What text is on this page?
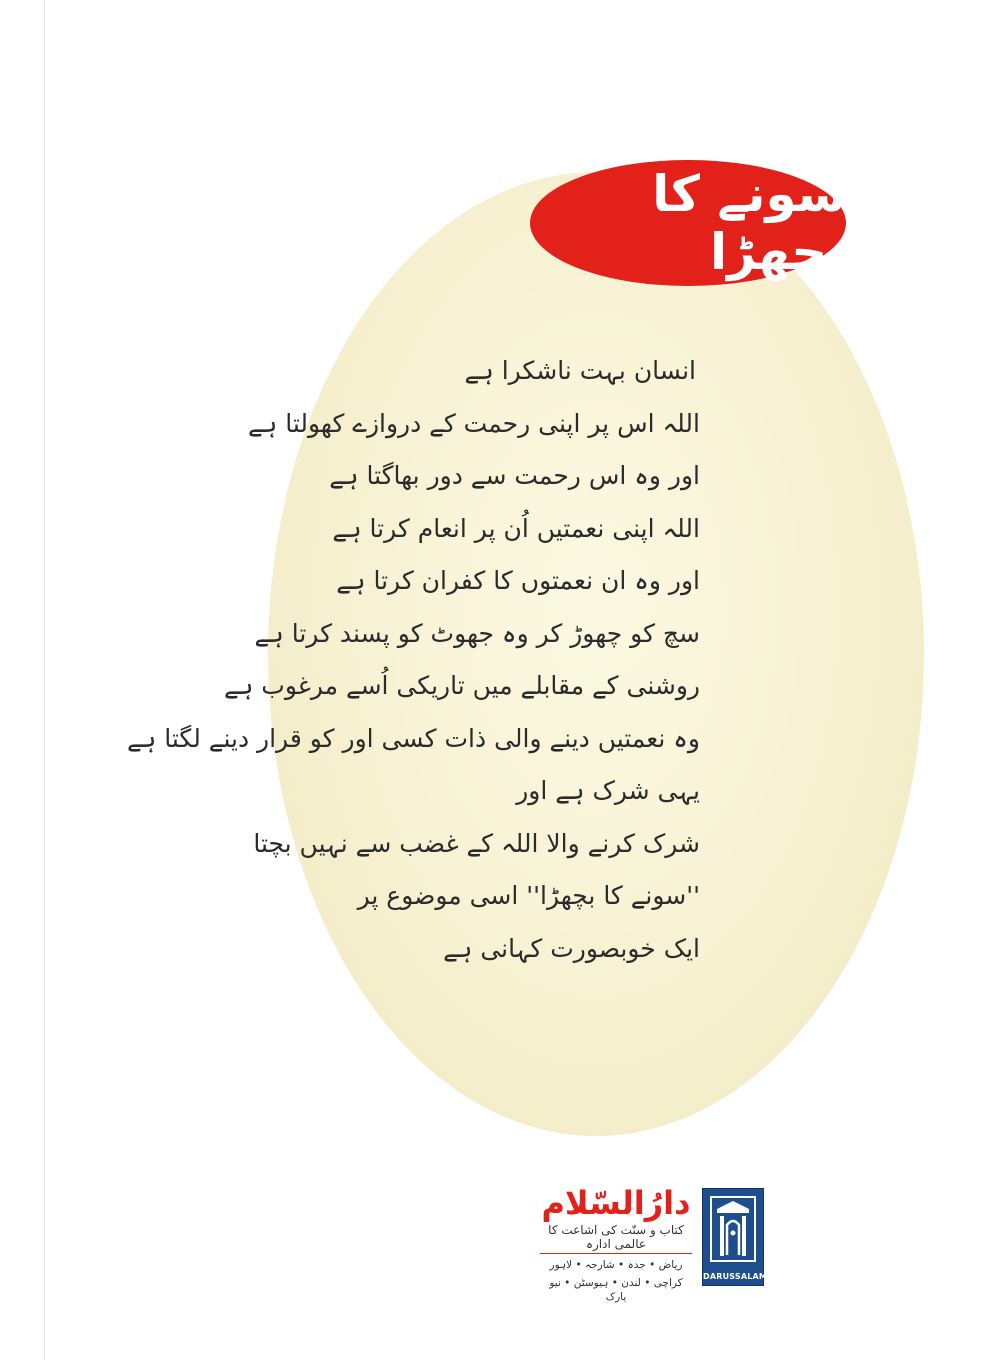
سونے کا بچھڑا
انسان بہت ناشکرا ہے
اللہ اس پر اپنی رحمت کے دروازے کھولتا ہے
اور وہ اس رحمت سے دور بھاگتا ہے
اللہ اپنی نعمتیں اُن پر انعام کرتا ہے
اور وہ ان نعمتوں کا کفران کرتا ہے
سچ کو چھوڑ کر وہ جھوٹ کو پسند کرتا ہے
روشنی کے مقابلے میں تاریکی اُسے مرغوب ہے
وہ نعمتیں دینے والی ذات کسی اور کو قرار دینے لگتا ہے
یہی شرک ہے اور
شرک کرنے والا اللہ کے غضب سے نہیں بچتا
''سونے کا بچھڑا'' اسی موضوع پر
ایک خوبصورت کہانی ہے
دارُالسّلام
کتاب و سنّت کی اشاعت کا عالمی ادارہ
ریاض • جدہ • شارجہ • لاہور
کراچی • لندن • ہیوسٹن • نیو یارک
DARUSSALAM
